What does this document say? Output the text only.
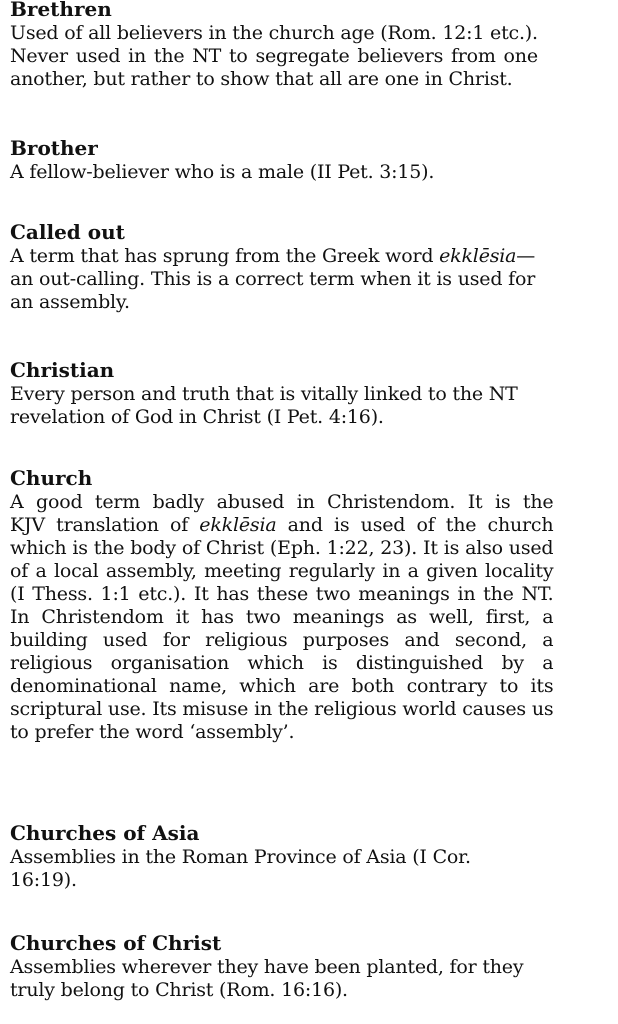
Brethren

Used of all believers in the church age (Rom. 12:1 etc.).
Never used in the NT to segregate believers from one
another, but rather to show that all are one in Christ.

Brother

A fellow-believer who is a male (II Pet. 3:15).

Called out

A term that has sprung from the Greek word ekklēsia—
an out-calling. This is a correct term when it is used for
an assembly.

Christian

Every person and truth that is vitally linked to the NT
revelation of God in Christ (I Pet. 4:16).

Church

A good term badly abused in Christendom. It is the
KJV translation of ekklēsia and is used of the church
which is the body of Christ (Eph. 1:22, 23). It is also used
of a local assembly, meeting regularly in a given locality
(I Thess. 1:1 etc.). It has these two meanings in the NT.
In Christendom it has two meanings as well, first, a
building used for religious purposes and second, a
religious organisation which is distinguished by a
denominational name, which are both contrary to its
scriptural use. Its misuse in the religious world causes us
to prefer the word ‘assembly’.

Churches of Asia

Assemblies in the Roman Province of Asia (I Cor.
16:19).

Churches of Christ

Assemblies wherever they have been planted, for they
truly belong to Christ (Rom. 16:16).
